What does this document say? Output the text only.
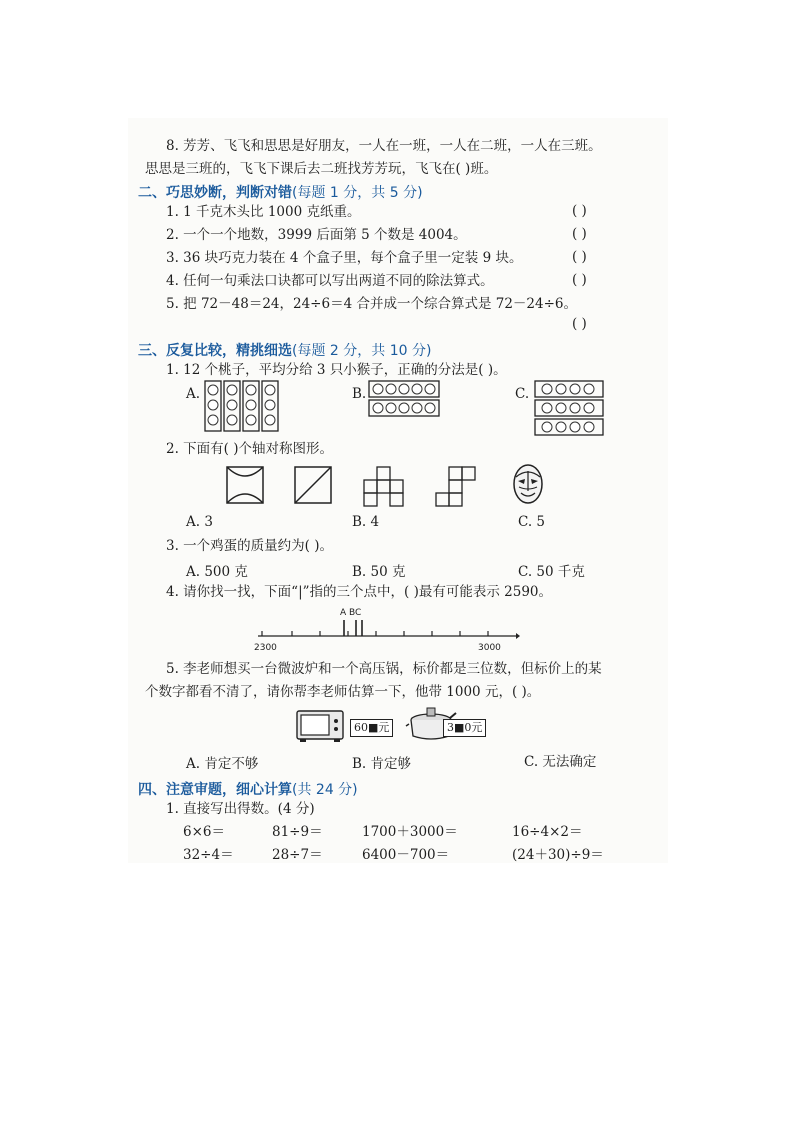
8. 芳芳、飞飞和思思是好朋友，一人在一班，一人在二班，一人在三班。
思思是三班的，飞飞下课后去二班找芳芳玩，飞飞在( )班。
二、巧思妙断，判断对错(每题 1 分，共 5 分)
1. 1 千克木头比 1000 克纸重。	( )
2. 一个一个地数，3999 后面第 5 个数是 4004。	( )
3. 36 块巧克力装在 4 个盒子里，每个盒子里一定装 9 块。	( )
4. 任何一句乘法口诀都可以写出两道不同的除法算式。	( )
5. 把 72－48＝24，24÷6＝4 合并成一个综合算式是 72－24÷6。
( )
三、反复比较，精挑细选(每题 2 分，共 10 分)
1. 12 个桃子，平均分给 3 只小猴子，正确的分法是( )。
A.	B.	C.
2. 下面有( )个轴对称图形。
A. 3	B. 4	C. 5
3. 一个鸡蛋的质量约为( )。
A. 500 克	B. 50 克	C. 50 千克
4. 请你找一找，下面“|”指的三个点中，( )最有可能表示 2590。
A BC
2300	3000
5. 李老师想买一台微波炉和一个高压锅，标价都是三位数，但标价上的某
个数字都看不清了，请你帮李老师估算一下，他带 1000 元，( )。
60■元	3■0元
A. 肯定不够	B. 肯定够	C. 无法确定
四、注意审题，细心计算(共 24 分)
1. 直接写出得数。(4 分)
6×6＝	81÷9＝	1700＋3000＝	16÷4×2＝
32÷4＝	28÷7＝	6400－700＝	(24＋30)÷9＝
